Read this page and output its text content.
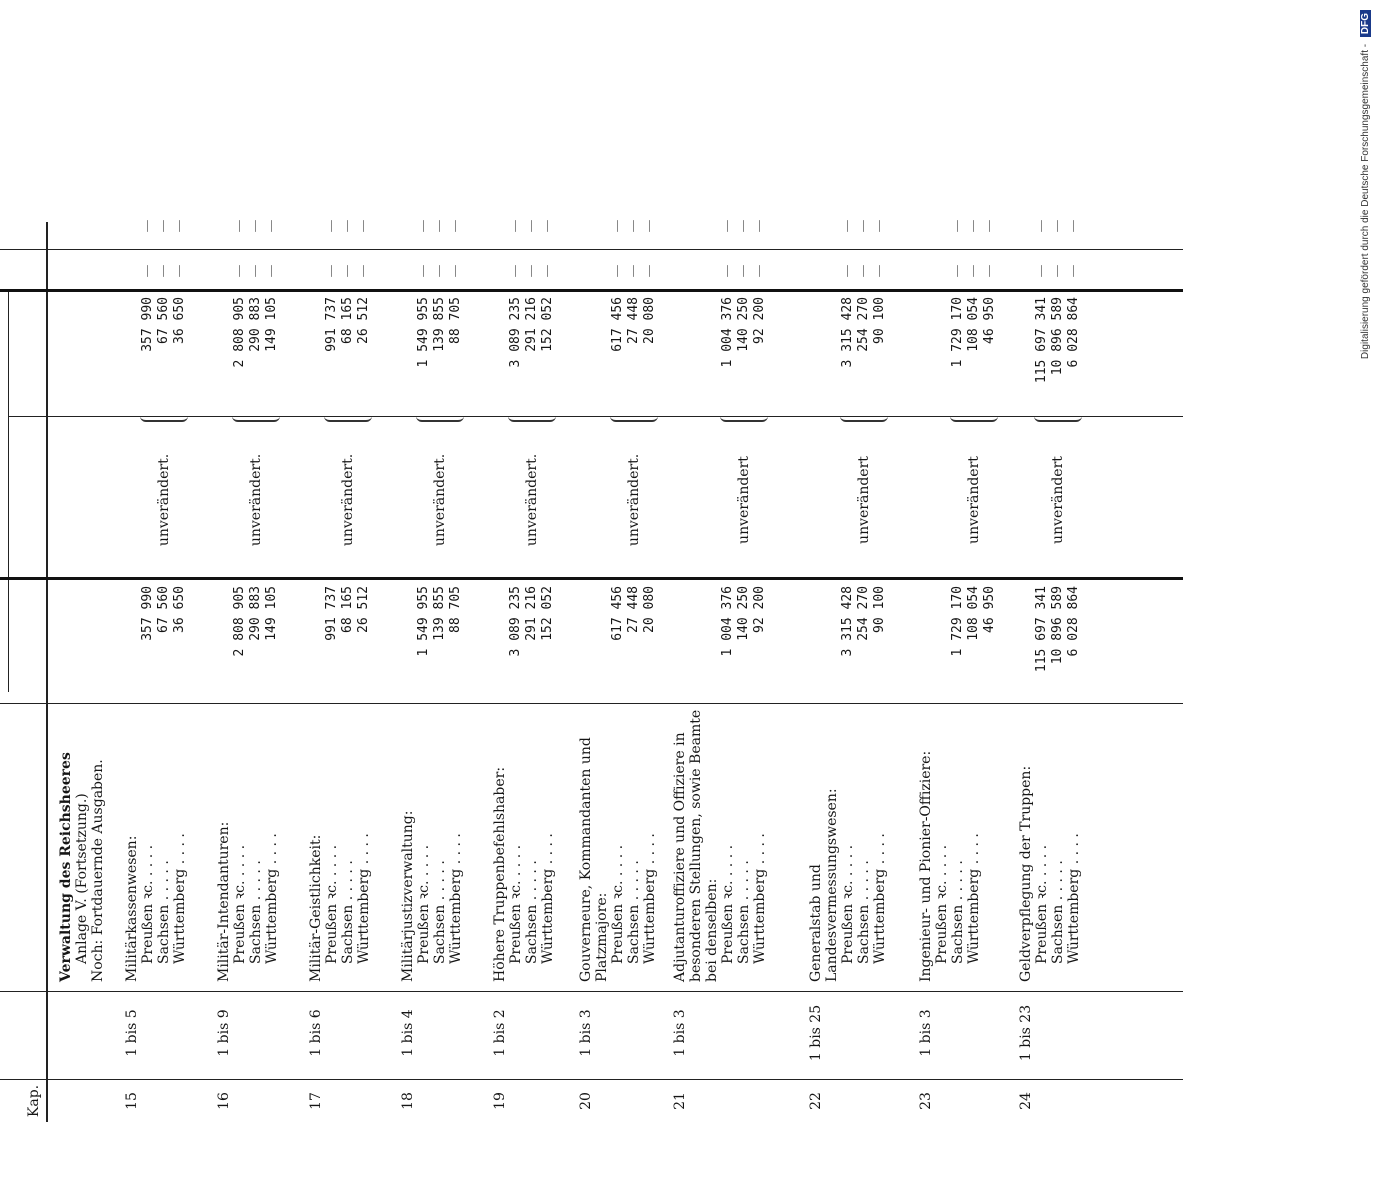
Kap.
Verwaltung des Reichsheeres Anlage V. (Fortsetzung.) Noch: Fortdauernde Ausgaben.
15
1 bis 5
Militärkassenwesen: Preußen ꝛc. . . . . Sachsen . . . . . Württemberg . . . .
357 990 67 560 36 650
unverändert.
357 990 67 560 36 650
— — —
— — —
16
1 bis 9
Militär-Intendanturen: Preußen ꝛc. . . . . Sachsen . . . . . Württemberg . . . .
2 808 905 290 883 149 105
unverändert.
2 808 905 290 883 149 105
— — —
— — —
17
1 bis 6
Militär-Geistlichkeit: Preußen ꝛc. . . . . Sachsen . . . . . Württemberg . . . .
991 737 68 165 26 512
unverändert.
991 737 68 165 26 512
— — —
— — —
18
1 bis 4
Militärjustizverwaltung: Preußen ꝛc. . . . . Sachsen . . . . . Württemberg . . . .
1 549 955 139 855 88 705
unverändert.
1 549 955 139 855 88 705
— — —
— — —
19
1 bis 2
Höhere Truppenbefehlshaber: Preußen ꝛc. . . . . Sachsen . . . . . Württemberg . . . .
3 089 235 291 216 152 052
unverändert.
3 089 235 291 216 152 052
— — —
— — —
20
1 bis 3
Gouverneure, Kommandanten und Platzmajore: Preußen ꝛc. . . . . Sachsen . . . . . Württemberg . . . .
617 456 27 448 20 080
unverändert.
617 456 27 448 20 080
— — —
— — —
21
1 bis 3
Adjutanturoffiziere und Offiziere in besonderen Stellungen, sowie Beamte bei denselben: Preußen ꝛc. . . . . Sachsen . . . . . Württemberg . . . .
1 004 376 140 250 92 200
unverändert
1 004 376 140 250 92 200
— — —
— — —
22
1 bis 25
Generalstab und Landesvermessungswesen: Preußen ꝛc. . . . . Sachsen . . . . . Württemberg . . . .
3 315 428 254 270 90 100
unverändert
3 315 428 254 270 90 100
— — —
— — —
23
1 bis 3
Ingenieur- und Pionier-Offiziere: Preußen ꝛc. . . . . Sachsen . . . . . Württemberg . . . .
1 729 170 108 054 46 950
unverändert
1 729 170 108 054 46 950
— — —
— — —
24
1 bis 23
Geldverpflegung der Truppen: Preußen ꝛc. . . . . Sachsen . . . . . Württemberg . . . .
115 697 341 10 896 589 6 028 864
unverändert
115 697 341 10 896 589 6 028 864
— — —
— — —	Digitalisierung gefördert durch die Deutsche Forschungsgemeinschaft - DFG
